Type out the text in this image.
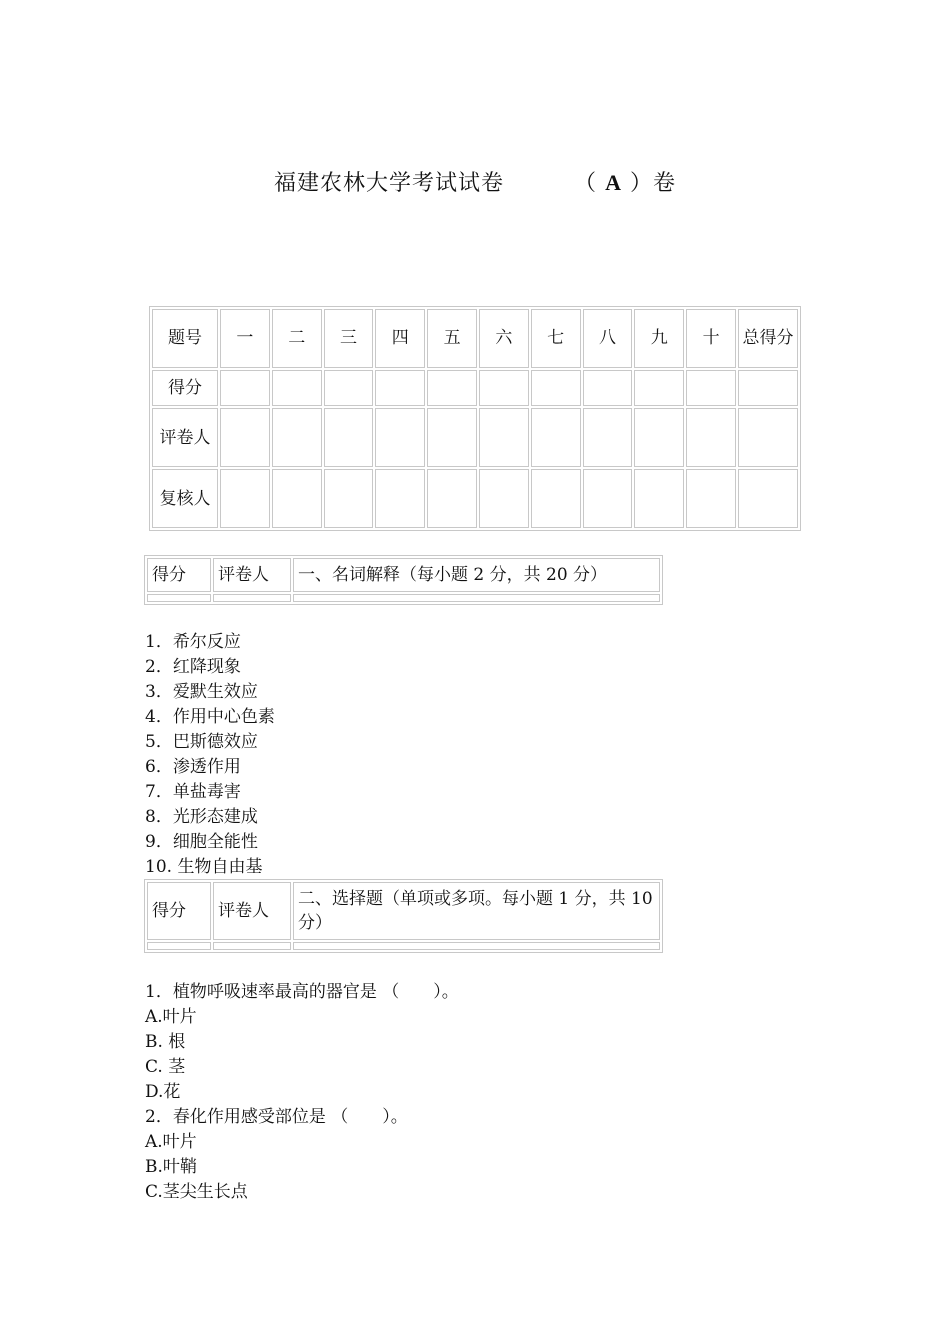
福建农林大学考试试卷	（ A ）卷
题号	一	二	三	四	五	六	七	八	九	十	总得分
得分											
评卷人											
复核人											
得分	评卷人	一、名词解释（每小题 2 分，共 20 分）

1．希尔反应
2．红降现象
3．爱默生效应
4．作用中心色素
5．巴斯德效应
6．渗透作用
7．单盐毒害
8．光形态建成
9．细胞全能性
10. 生物自由基
得分	评卷人	二、选择题（单项或多项。每小题 1 分，共 10 分）

1．植物呼吸速率最高的器官是 （　　）。
A.叶片
B. 根
C. 茎
D.花
2．春化作用感受部位是 （　　）。
A.叶片
B.叶鞘
C.茎尖生长点
